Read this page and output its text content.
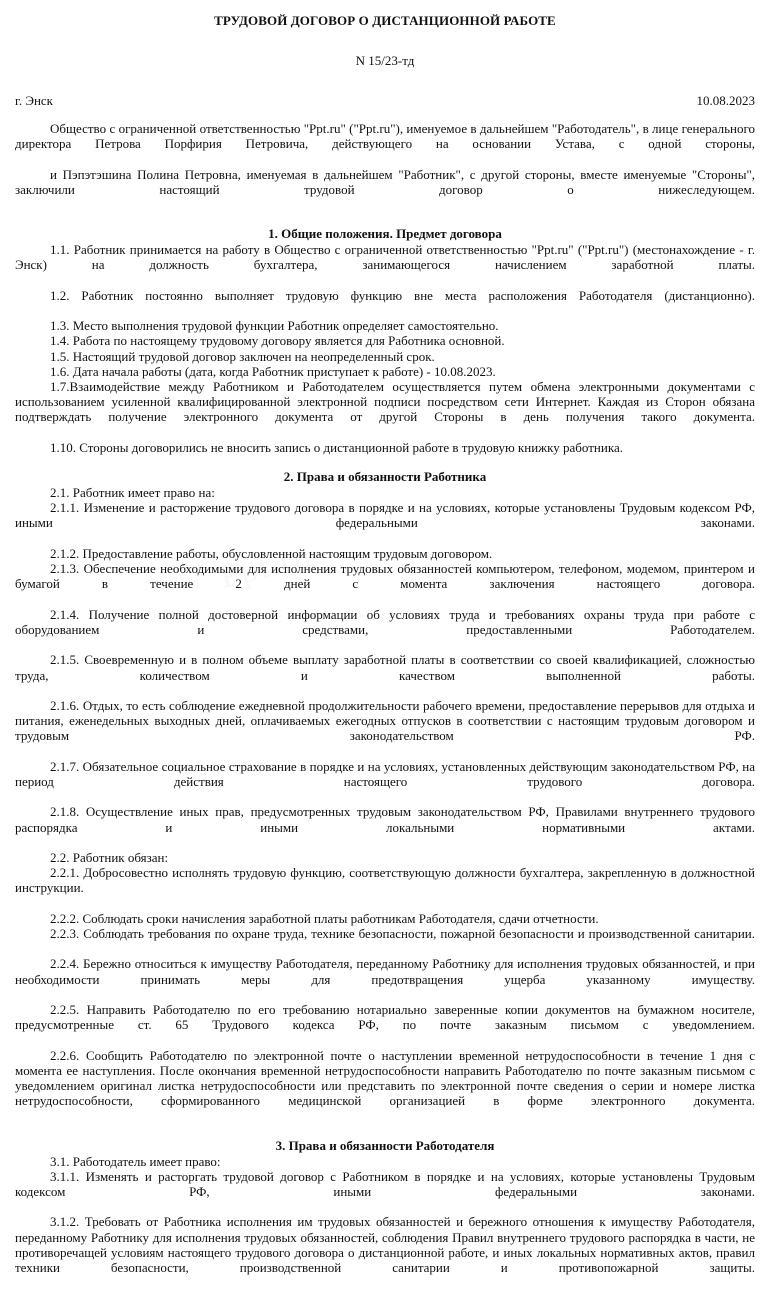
Ppt.ru
ТРУДОВОЙ ДОГОВОР О ДИСТАНЦИОННОЙ РАБОТЕ

N 15/23-тд

г. Энск	10.08.2023

Общество с ограниченной ответственностью "Ppt.ru" ("Ppt.ru"), именуемое в дальнейшем "Работодатель", в лице генерального директора Петрова Порфирия Петровича, действующего на основании Устава, с одной стороны,

и Пэпэтэшина Полина Петровна, именуемая в дальнейшем "Работник", с другой стороны, вместе именуемые "Стороны", заключили настоящий трудовой договор о нижеследующем.

1. Общие положения. Предмет договора

1.1. Работник принимается на работу в Общество с ограниченной ответственностью "Ppt.ru" ("Ppt.ru") (местонахождение - г. Энск) на должность бухгалтера, занимающегося начислением заработной платы.

1.2. Работник постоянно выполняет трудовую функцию вне места расположения Работодателя (дистанционно).

1.3. Место выполнения трудовой функции Работник определяет самостоятельно.

1.4. Работа по настоящему трудовому договору является для Работника основной.

1.5. Настоящий трудовой договор заключен на неопределенный срок.

1.6. Дата начала работы (дата, когда Работник приступает к работе) - 10.08.2023.

1.7.Взаимодействие между Работником и Работодателем осуществляется путем обмена электронными документами с использованием усиленной квалифицированной электронной подписи посредством сети Интернет. Каждая из Сторон обязана подтверждать получение электронного документа от другой Стороны в день получения такого документа.

1.10. Стороны договорились не вносить запись о дистанционной работе в трудовую книжку работника.

2. Права и обязанности Работника

2.1. Работник имеет право на:

2.1.1. Изменение и расторжение трудового договора в порядке и на условиях, которые установлены Трудовым кодексом РФ, иными федеральными законами.

2.1.2. Предоставление работы, обусловленной настоящим трудовым договором.

2.1.3. Обеспечение необходимыми для исполнения трудовых обязанностей компьютером, телефоном, модемом, принтером и бумагой в течение 2 дней с момента заключения настоящего договора.

2.1.4. Получение полной достоверной информации об условиях труда и требованиях охраны труда при работе с оборудованием и средствами, предоставленными Работодателем.

2.1.5. Своевременную и в полном объеме выплату заработной платы в соответствии со своей квалификацией, сложностью труда, количеством и качеством выполненной работы.

2.1.6. Отдых, то есть соблюдение ежедневной продолжительности рабочего времени, предоставление перерывов для отдыха и питания, еженедельных выходных дней, оплачиваемых ежегодных отпусков в соответствии с настоящим трудовым договором и трудовым законодательством РФ.

2.1.7. Обязательное социальное страхование в порядке и на условиях, установленных действующим законодательством РФ, на период действия настоящего трудового договора.

2.1.8. Осуществление иных прав, предусмотренных трудовым законодательством РФ, Правилами внутреннего трудового распорядка и иными локальными нормативными актами.

2.2. Работник обязан:

2.2.1. Добросовестно исполнять трудовую функцию, соответствующую должности бухгалтера, закрепленную в должностной инструкции.

2.2.2. Соблюдать сроки начисления заработной платы работникам Работодателя, сдачи отчетности.

2.2.3. Соблюдать требования по охране труда, технике безопасности, пожарной безопасности и производственной санитарии.

2.2.4. Бережно относиться к имуществу Работодателя, переданному Работнику для исполнения трудовых обязанностей, и при необходимости принимать меры для предотвращения ущерба указанному имуществу.

2.2.5. Направить Работодателю по его требованию нотариально заверенные копии документов на бумажном носителе, предусмотренные ст. 65 Трудового кодекса РФ, по почте заказным письмом с уведомлением.

2.2.6. Сообщить Работодателю по электронной почте о наступлении временной нетрудоспособности в течение 1 дня с момента ее наступления. После окончания временной нетрудоспособности направить Работодателю по почте заказным письмом с уведомлением оригинал листка нетрудоспособности или представить по электронной почте сведения о серии и номере листка нетрудоспособности, сформированного медицинской организацией в форме электронного документа.

3. Права и обязанности Работодателя

3.1. Работодатель имеет право:

3.1.1. Изменять и расторгать трудовой договор с Работником в порядке и на условиях, которые установлены Трудовым кодексом РФ, иными федеральными законами.

3.1.2. Требовать от Работника исполнения им трудовых обязанностей и бережного отношения к имуществу Работодателя, переданному Работнику для исполнения трудовых обязанностей, соблюдения Правил внутреннего трудового распорядка в части, не противоречащей условиям настоящего трудового договора о дистанционной работе, и иных локальных нормативных актов, правил техники безопасности, производственной санитарии и противопожарной защиты.
